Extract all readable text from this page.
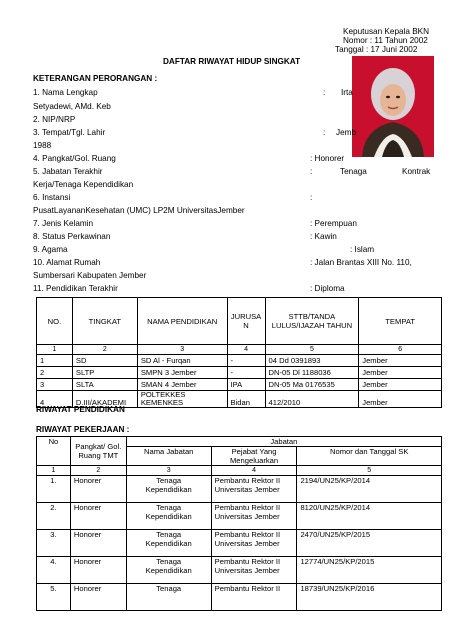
Keputusan Kepala BKN
Nomor : 11 Tahun 2002
Tanggal : 17 Juni 2002
DAFTAR RIWAYAT HIDUP SINGKAT
KETERANGAN PERORANGAN :
1. Nama Lengkap	: Irta
Setyadewi, AMd. Keb
2. NIP/NRP
3. Tempat/Tgl. Lahir	: Jemb
1988
4. Pangkat/Gol. Ruang	: Honorer
5. Jabatan Terakhir	:	Tenaga	Kontrak
Kerja/Tenaga Kependidikan
6. Instansi	:
PusatLayananKesehatan (UMC) LP2M UniversitasJember
7. Jenis Kelamin	: Perempuan
8. Status Perkawinan	: Kawin
9. Agama	: Islam
10. Alamat Rumah	: Jalan Brantas XIII No. 110,
Sumbersari Kabupaten Jember
11. Pendidikan Terakhir	: Diploma
NO.	TINGKAT	NAMA PENDIDIKAN	JURUSA N	STTB/TANDA LULUS/IJAZAH TAHUN	TEMPAT
1	2	3	4	5	6
1	SD	SD Al - Furqan	-	04 Dd 0391893	Jember
2	SLTP	SMPN 3 Jember	-	DN-05 Dl 1188036	Jember
3	SLTA	SMAN 4 Jember	IPA	DN-05 Ma 0176535	Jember
4	D.III/AKADEMI	POLTEKKES KEMENKES	Bidan	412/2010	Jember
RIWAYAT PENDIDIKAN
RIWAYAT PEKERJAAN :
No	Pangkat/ Gol. Ruang TMT	Jabatan		
		Nama Jabatan	Pejabat Yang Mengeluarkan	Nomor dan Tanggal SK
1	2	3	4	5
1.	Honorer	Tenaga Kependidikan	Pembantu Rektor II Universitas Jember	2194/UN25/KP/2014
2.	Honorer	Tenaga Kependidikan	Pembantu Rektor II Universitas Jember	8120/UN25/KP/2014
3.	Honorer	Tenaga Kependidikan	Pembantu Rektor II Universitas Jember	2470/UN25/KP/2015
4.	Honorer	Tenaga Kependidikan	Pembantu Rektor II Universitas Jember	12774/UN25/KP/2015
5.	Honorer	Tenaga	Pembantu Rektor II	18739/UN25/KP/2016
